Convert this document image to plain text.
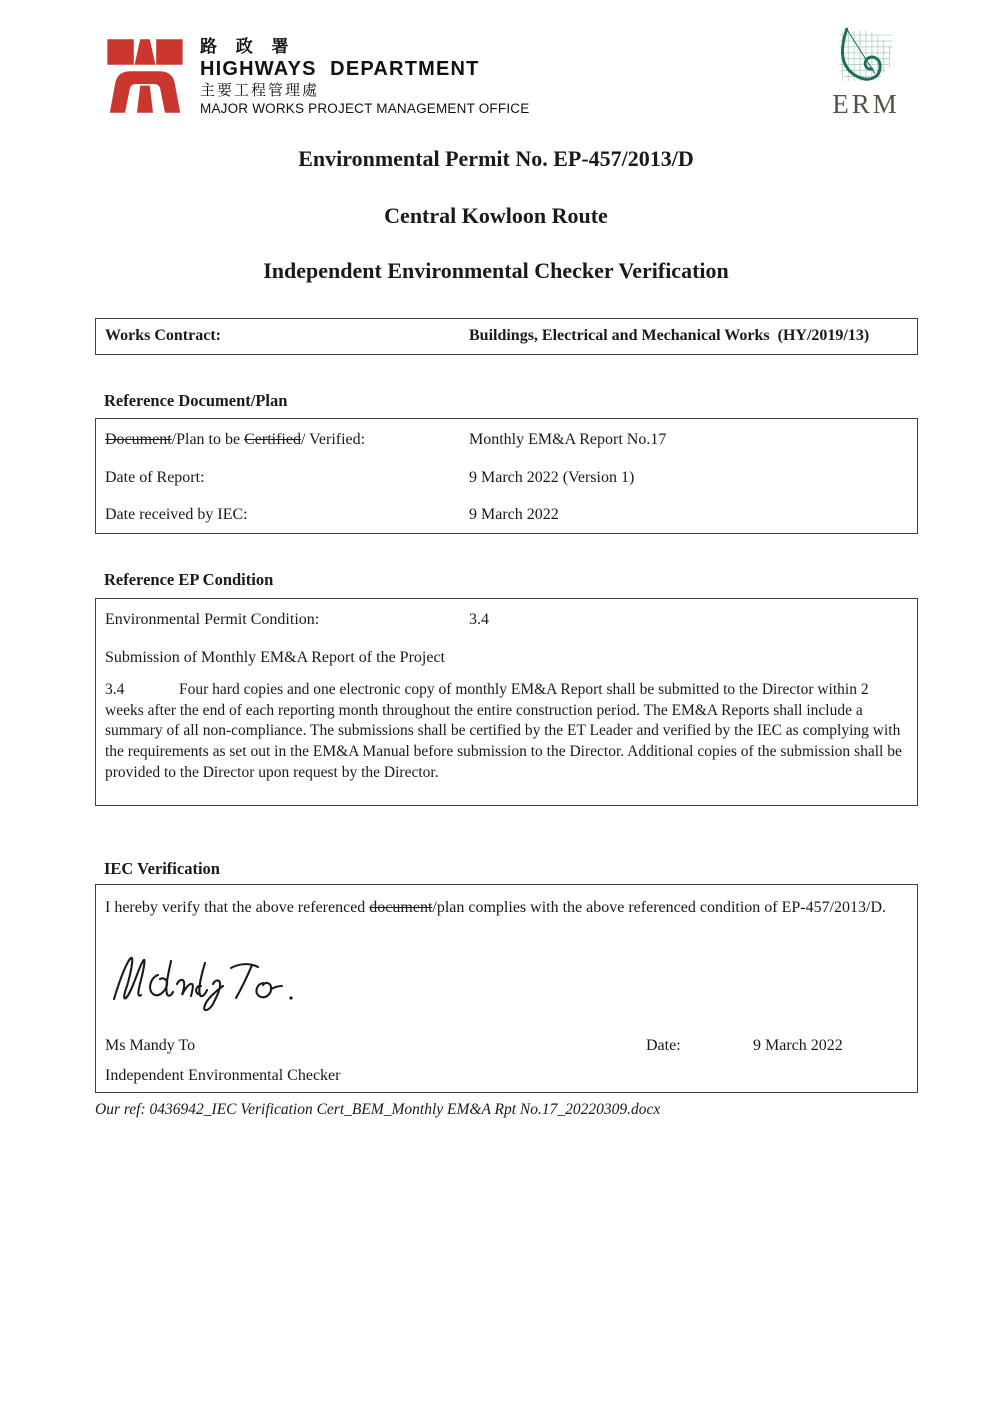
路 政 署
HIGHWAYS  DEPARTMENT
主要工程管理處
MAJOR WORKS PROJECT MANAGEMENT OFFICE	ERM
Environmental Permit No. EP-457/2013/D
Central Kowloon Route
Independent Environmental Checker Verification
Works Contract:	Buildings, Electrical and Mechanical Works  (HY/2019/13)
Reference Document/Plan
Document/Plan to be Certified/ Verified:	Monthly EM&A Report No.17
Date of Report:	9 March 2022 (Version 1)
Date received by IEC:	9 March 2022
Reference EP Condition
Environmental Permit Condition:	3.4
Submission of Monthly EM&A Report of the Project

3.4	Four hard copies and one electronic copy of monthly EM&A Report shall be submitted to the Director within 2 weeks after the end of each reporting month throughout the entire construction period. The EM&A Reports shall include a summary of all non-compliance. The submissions shall be certified by the ET Leader and verified by the IEC as complying with the requirements as set out in the EM&A Manual before submission to the Director. Additional copies of the submission shall be provided to the Director upon request by the Director.

IEC Verification
I hereby verify that the above referenced document/plan complies with the above referenced condition of EP-457/2013/D.
Ms Mandy To	Date:	9 March 2022
Independent Environmental Checker
Our ref: 0436942_IEC Verification Cert_BEM_Monthly EM&A Rpt No.17_20220309.docx
